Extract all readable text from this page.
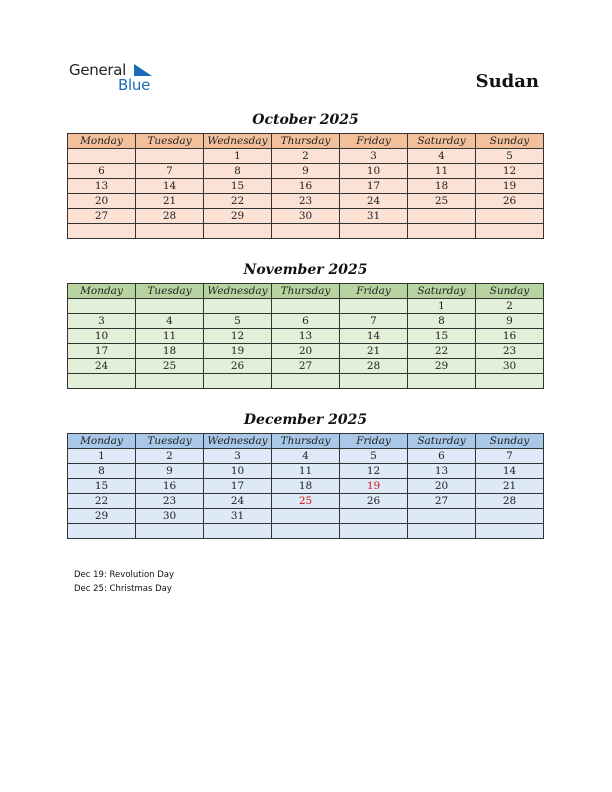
General
Blue	Sudan
October 2025
Monday	Tuesday	Wednesday	Thursday	Friday	Saturday	Sunday
		1	2	3	4	5
6	7	8	9	10	11	12
13	14	15	16	17	18	19
20	21	22	23	24	25	26
27	28	29	30	31		

November 2025
Monday	Tuesday	Wednesday	Thursday	Friday	Saturday	Sunday
					1	2
3	4	5	6	7	8	9
10	11	12	13	14	15	16
17	18	19	20	21	22	23
24	25	26	27	28	29	30

December 2025
Monday	Tuesday	Wednesday	Thursday	Friday	Saturday	Sunday
1	2	3	4	5	6	7
8	9	10	11	12	13	14
15	16	17	18	19	20	21
22	23	24	25	26	27	28
29	30	31				

Dec 19: Revolution Day
Dec 25: Christmas Day
